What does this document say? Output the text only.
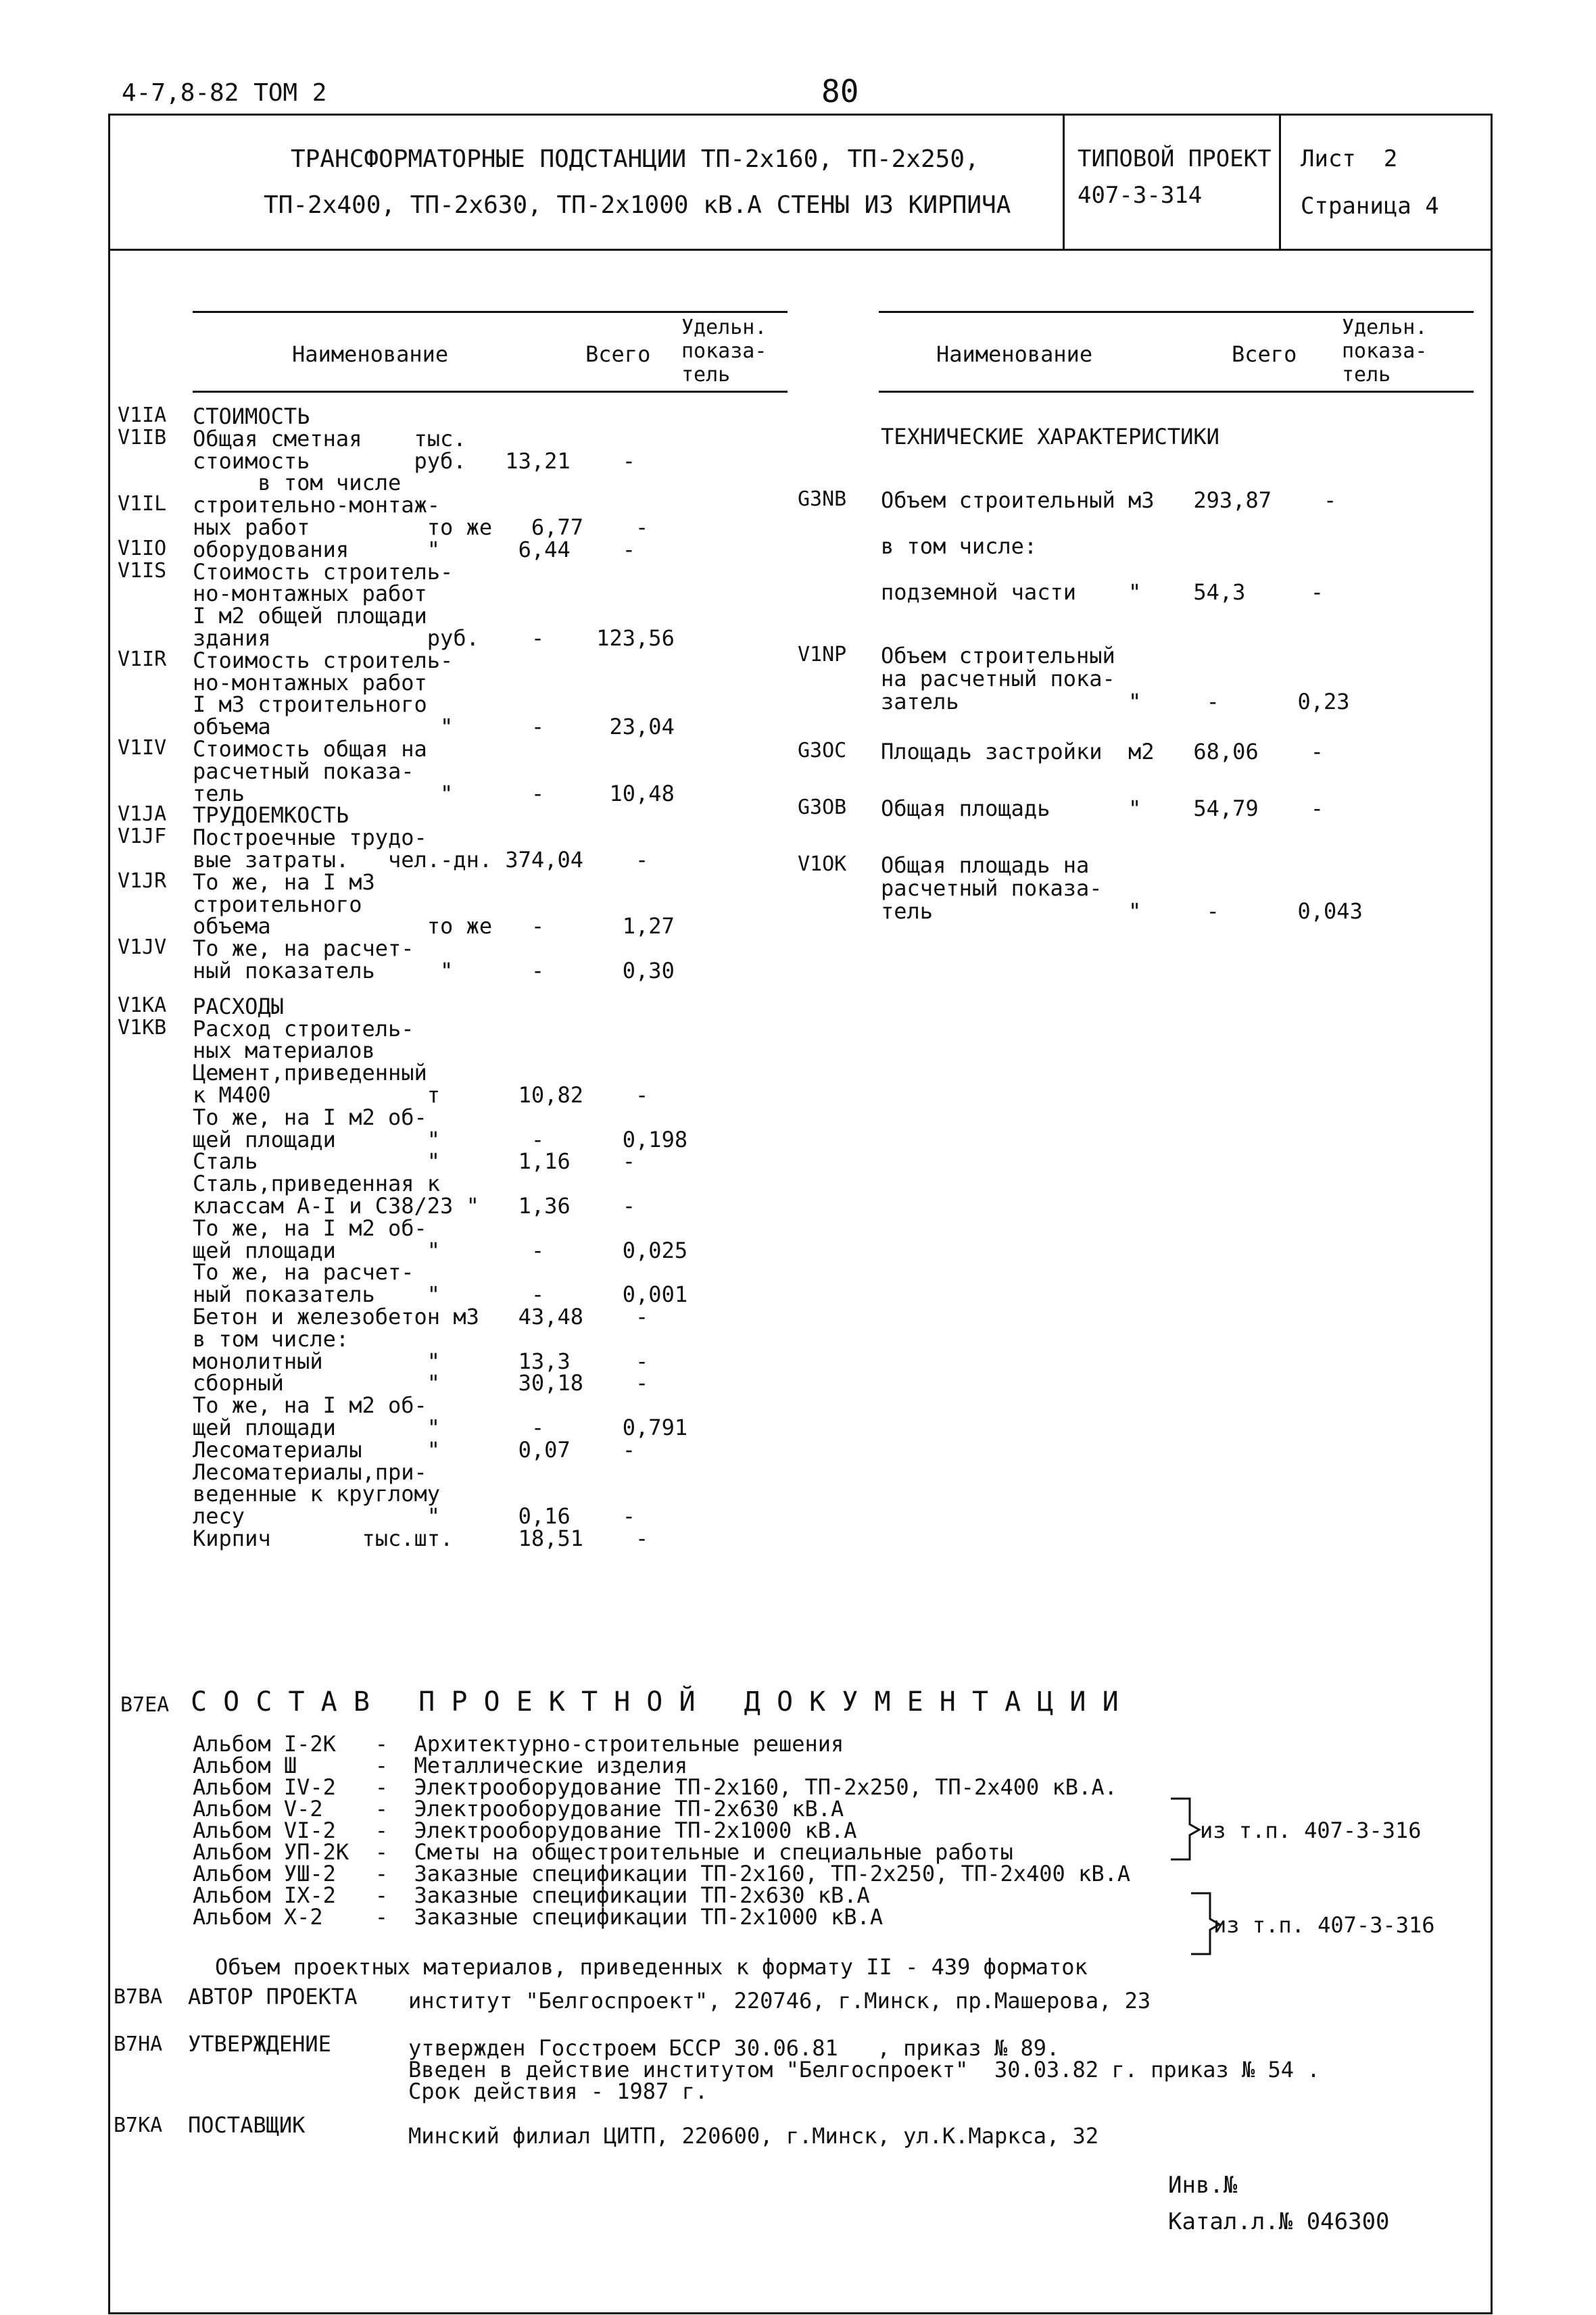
4-7,8-82 ТОМ 2	80
ТРАНСФОРМАТОРНЫЕ ПОДСТАНЦИИ ТП-2х160, ТП-2х250,
ТП-2х400, ТП-2х630, ТП-2х1000 кВ.А СТЕНЫ ИЗ КИРПИЧА
ТИПОВОЙ ПРОЕКТ
407-3-314
Лист  2
Страница 4
Наименование	Всего
Удельн.
показа-
тель
Наименование	Всего
Удельн.
показа-
тель
V1IA СТОИМОСТЬ
V1IB Общая сметная    тыс.
стоимость        руб.   13,21    -
в том числе
V1IL строительно-монтаж-
ных работ         то же   6,77    -
V1IO оборудования      "      6,44    -
V1IS Стоимость строитель-
но-монтажных работ
I м2 общей площади
здания            руб.    -    123,56
V1IR Стоимость строитель-
но-монтажных работ
I м3 строительного
объема             "      -     23,04
V1IV Стоимость общая на
расчетный показа-
тель               "      -     10,48
V1JA ТРУДОЕМКОСТЬ
V1JF Построечные трудо-
вые затраты.   чел.-дн. 374,04    -
V1JR То же, на I м3
строительного
объема            то же   -      1,27
V1JV То же, на расчет-
ный показатель     "      -      0,30
V1KA РАСХОДЫ
V1KB Расход строитель-
ных материалов
Цемент,приведенный
к М400            т      10,82    -
То же, на I м2 об-
щей площади       "       -      0,198
Сталь             "      1,16    -
Сталь,приведенная к
классам А-I и С38/23 "   1,36    -
То же, на I м2 об-
щей площади       "       -      0,025
То же, на расчет-
ный показатель    "       -      0,001
Бетон и железобетон м3   43,48    -
в том числе:
монолитный        "      13,3     -
сборный           "      30,18    -
То же, на I м2 об-
щей площади       "       -      0,791
Лесоматериалы     "      0,07    -
Лесоматериалы,при-
веденные к круглому
лесу              "      0,16    -
Кирпич       тыс.шт.     18,51    -
ТЕХНИЧЕСКИЕ ХАРАКТЕРИСТИКИ
G3NB Объем строительный м3   293,87    -
в том числе:
подземной части    "    54,3     -
V1NP Объем строительный
на расчетный пока-
затель             "     -      0,23
G3OC Площадь застройки  м2   68,06    -
G3OB Общая площадь      "    54,79    -
V1OK Общая площадь на
расчетный показа-
тель               "     -      0,043
B7EA С О С Т А В   П Р О Е К Т Н О Й   Д О К У М Е Н Т А Ц И И
Альбом I-2К   -  Архитектурно-строительные решения
Альбом Ш      -  Металлические изделия
Альбом IV-2   -  Электрооборудование ТП-2х160, ТП-2х250, ТП-2х400 кВ.А.
Альбом V-2    -  Электрооборудование ТП-2х630 кВ.А
Альбом VI-2   -  Электрооборудование ТП-2х1000 кВ.А
Альбом УП-2К  -  Сметы на общестроительные и специальные работы
Альбом УШ-2   -  Заказные спецификации ТП-2х160, ТП-2х250, ТП-2х400 кВ.А
Альбом IX-2   -  Заказные спецификации ТП-2х630 кВ.А
Альбом X-2    -  Заказные спецификации ТП-2х1000 кВ.А
из т.п. 407-3-316
из т.п. 407-3-316
Объем проектных материалов, приведенных к формату II - 439 форматок
B7BA АВТОР ПРОЕКТА институт "Белгоспроект", 220746, г.Минск, пр.Машерова, 23
B7HA УТВЕРЖДЕНИЕ	утвержден Госстроем БССР 30.06.81   , приказ № 89.
Введен в действие институтом "Белгоспроект"  30.03.82 г. приказ № 54 .
Срок действия - 1987 г.
B7KA ПОСТАВЩИК	Минский филиал ЦИТП, 220600, г.Минск, ул.К.Маркса, 32
Инв.№
Катал.л.№ 046300
